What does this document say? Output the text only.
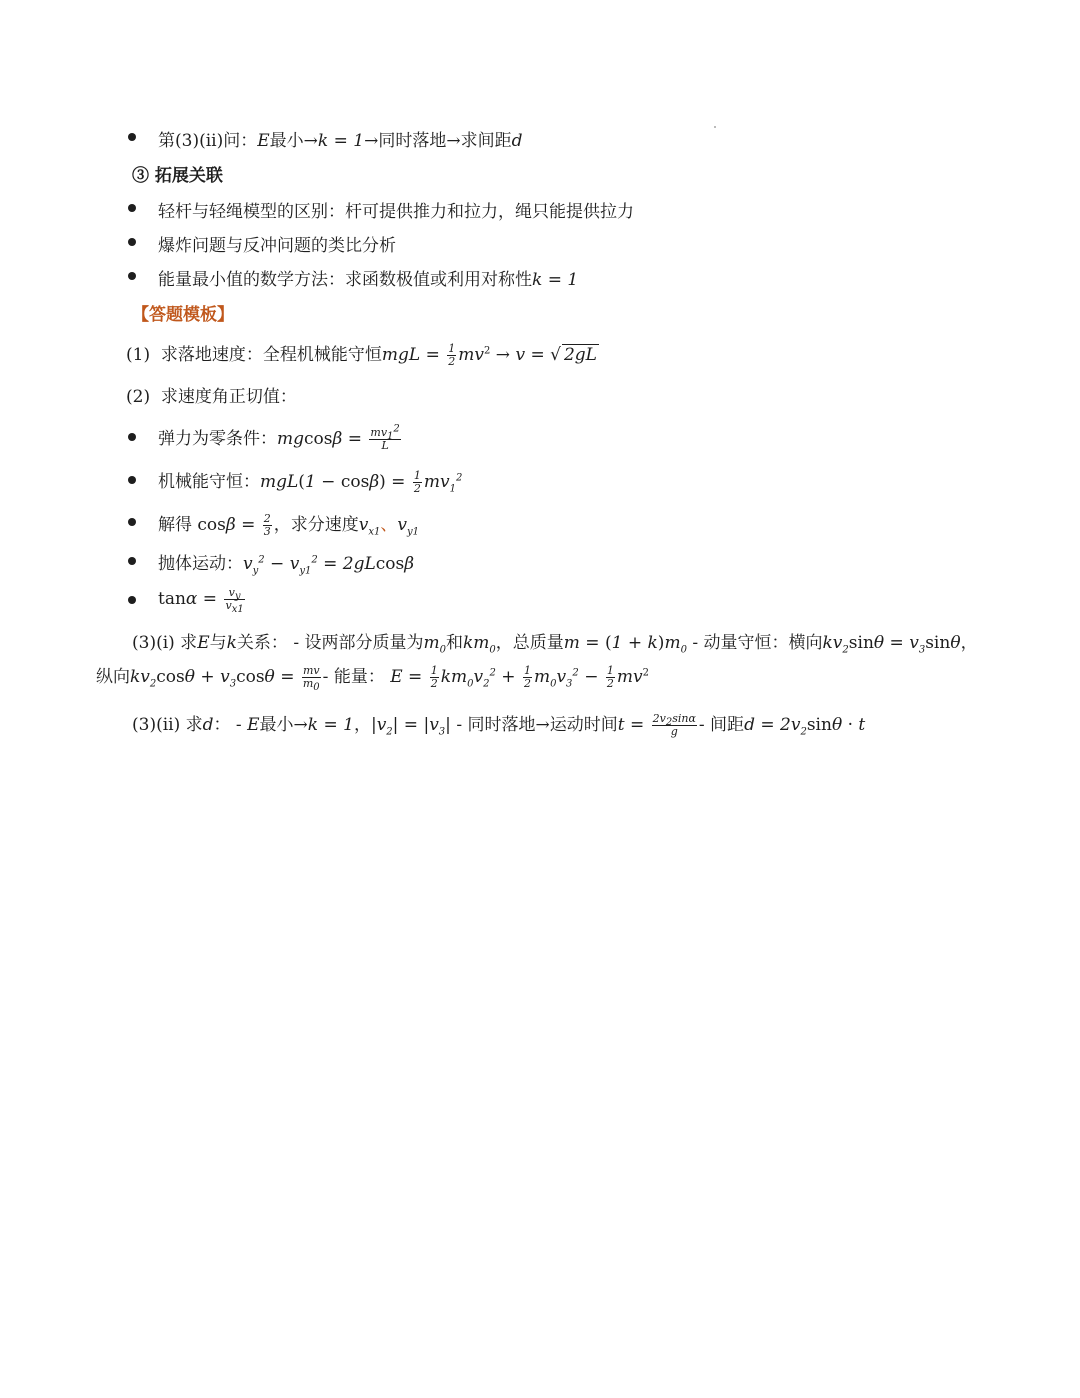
第(3)(ii)问：E最小→k = 1→同时落地→求间距d
③ 拓展关联
轻杆与轻绳模型的区别：杆可提供推力和拉力，绳只能提供拉力
爆炸问题与反冲问题的类比分析
能量最小值的数学方法：求函数极值或利用对称性k = 1
【答题模板】
(1) 求落地速度：全程机械能守恒mgL = $\frac{1}{2} mv^2 \to v$ = √ 2gL
(2) 求速度角正切值：
弹力为零条件：$mgcos\beta = \frac{mv_1^2}{L}$
机械能守恒：$mgL(1 - \cos\beta) = \frac{1}{2} mv_1^2$
解得 $\cos\beta = \frac{2}{3}$ ，求分速度$v_{x1}$、$v_{y1}$
抛体运动：$v_y^2 - v_{y1}^2 = 2gLcos\beta$
$\tan\alpha = \frac{v_y}{v_{x1}}$
(3)(i) 求E与k关系： - 设两部分质量为$m_0$和$km_0$，总质量$m = (1 + k)m_0$ - 动量守恒：横向$kv_2\sin\theta = v_3\sin\theta$，
纵向$kv_2\cos\theta + v_3\cos\theta = \frac{mv}{m_0}$ - 能量： $E = \frac{1}{2} km_0v_2^2 + \frac{1}{2} m_0v_3^2 - \frac{1}{2} mv^2$
(3)(ii) 求d： - E最小→k = 1，$|v_2| = |v_3|$ - 同时落地→运动时间$t = \frac{2v_2\sin\alpha}{g}$ - 间距$d = 2v_2\sin\theta \cdot t$
